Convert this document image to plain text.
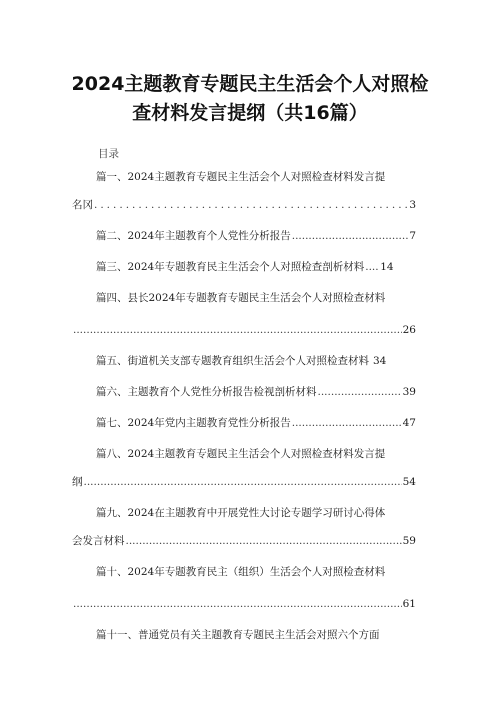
2024主题教育专题民主生活会个人对照检
查材料发言提纲（共16篇）
目录
篇一、2024主题教育专题民主生活会个人对照检查材料发言提
名冈 .....	3
篇二、2024年主题教育个人党性分析报告 .....	7
篇三、2024年专题教育民主生活会个人对照检查剖析材料 ..... 14
篇四、县长2024年专题教育专题民主生活会个人对照检查材料
.....
26
篇五、街道机关支部专题教育组织生活会个人对照检查材料 34
篇六、主题教育个人党性分析报告检视剖析材料 .....	39
篇七、2024年党内主题教育党性分析报告 .....	47
篇八、2024主题教育专题民主生活会个人对照检查材料发言提
纲 .....	54
篇九、2024在主题教育中开展党性大讨论专题学习研讨心得体
会发言材料 .....	59
篇十、2024年专题教育民主（组织）生活会个人对照检查材料
.....
61
篇十一、普通党员有关主题教育专题民主生活会对照六个方面
